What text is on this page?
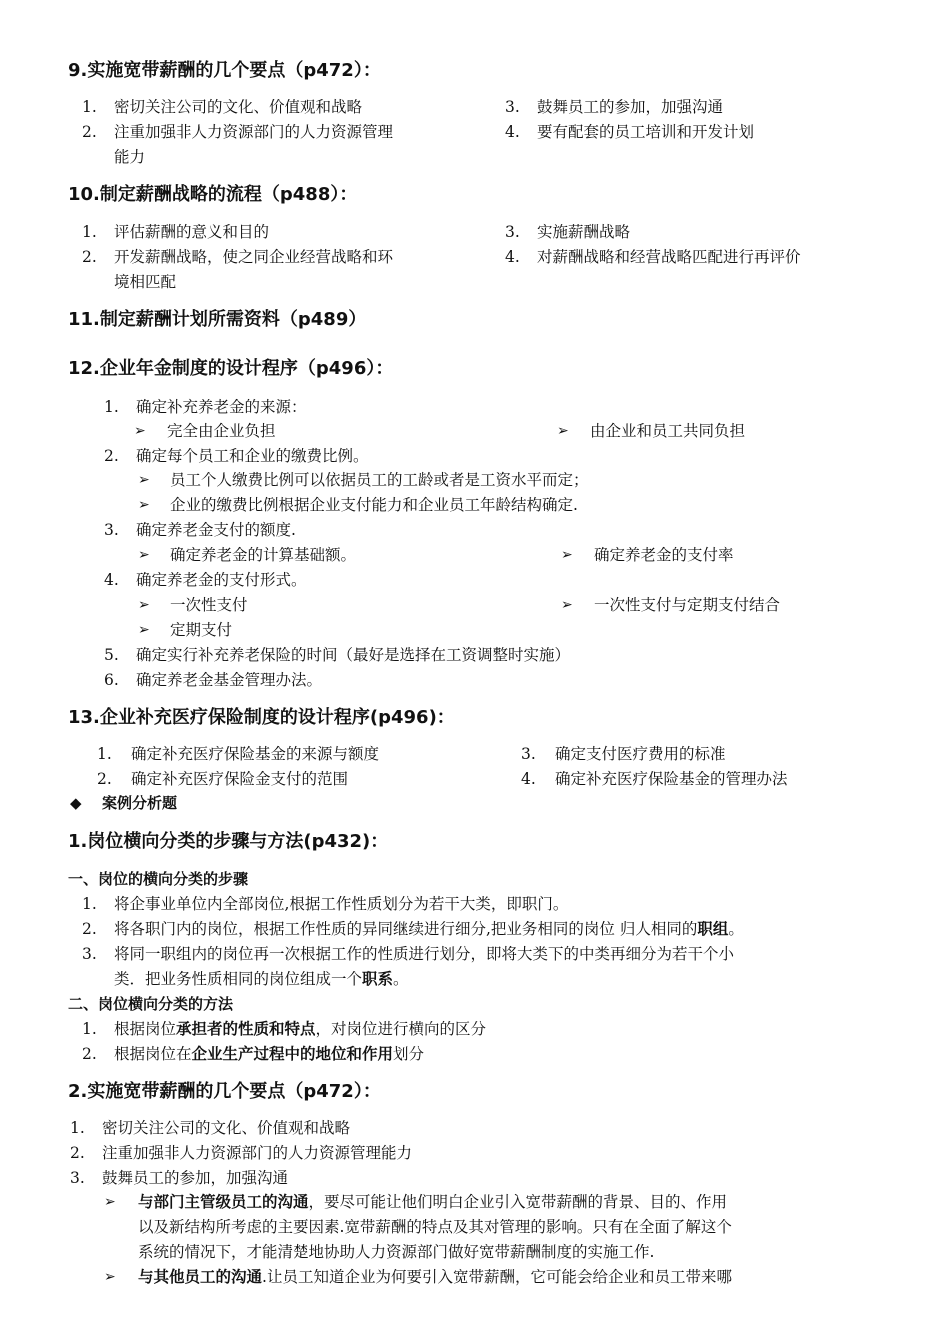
9.实施宽带薪酬的几个要点（p472）：
1. 密切关注公司的文化、价值观和战略
2. 注重加强非人力资源部门的人力资源管理
能力
3. 鼓舞员工的参加，加强沟通
4. 要有配套的员工培训和开发计划
10.制定薪酬战略的流程（p488）：
1. 评估薪酬的意义和目的
2. 开发薪酬战略，使之同企业经营战略和环
境相匹配
3. 实施薪酬战略
4. 对薪酬战略和经营战略匹配进行再评价
11.制定薪酬计划所需资料（p489）
12.企业年金制度的设计程序（p496）：
1. 确定补充养老金的来源：
➢ 完全由企业负担	➢ 由企业和员工共同负担
2. 确定每个员工和企业的缴费比例。
➢ 员工个人缴费比例可以依据员工的工龄或者是工资水平而定；
➢ 企业的缴费比例根据企业支付能力和企业员工年龄结构确定.
3. 确定养老金支付的额度.
➢ 确定养老金的计算基础额。	➢ 确定养老金的支付率
4. 确定养老金的支付形式。
➢ 一次性支付	➢ 一次性支付与定期支付结合
➢ 定期支付
5. 确定实行补充养老保险的时间（最好是选择在工资调整时实施）
6. 确定养老金基金管理办法。
13.企业补充医疗保险制度的设计程序(p496)：
1. 确定补充医疗保险基金的来源与额度
2. 确定补充医疗保险金支付的范围
3. 确定支付医疗费用的标准
4. 确定补充医疗保险基金的管理办法
◆ 案例分析题
1.岗位横向分类的步骤与方法(p432)：
一、岗位的横向分类的步骤
1. 将企事业单位内全部岗位,根据工作性质划分为若干大类，即职门。
2. 将各职门内的岗位，根据工作性质的异同继续进行细分,把业务相同的岗位 归人相同的职组。
3. 将同一职组内的岗位再一次根据工作的性质进行划分，即将大类下的中类再细分为若干个小
类．把业务性质相同的岗位组成一个职系。
二、岗位横向分类的方法
1. 根据岗位承担者的性质和特点，对岗位进行横向的区分
2. 根据岗位在企业生产过程中的地位和作用划分
2.实施宽带薪酬的几个要点（p472）：
1. 密切关注公司的文化、价值观和战略
2. 注重加强非人力资源部门的人力资源管理能力
3. 鼓舞员工的参加，加强沟通
➢ 与部门主管级员工的沟通，要尽可能让他们明白企业引入宽带薪酬的背景、目的、作用
以及新结构所考虑的主要因素.宽带薪酬的特点及其对管理的影响。只有在全面了解这个
系统的情况下，才能清楚地协助人力资源部门做好宽带薪酬制度的实施工作.
➢ 与其他员工的沟通.让员工知道企业为何要引入宽带薪酬，它可能会给企业和员工带来哪
